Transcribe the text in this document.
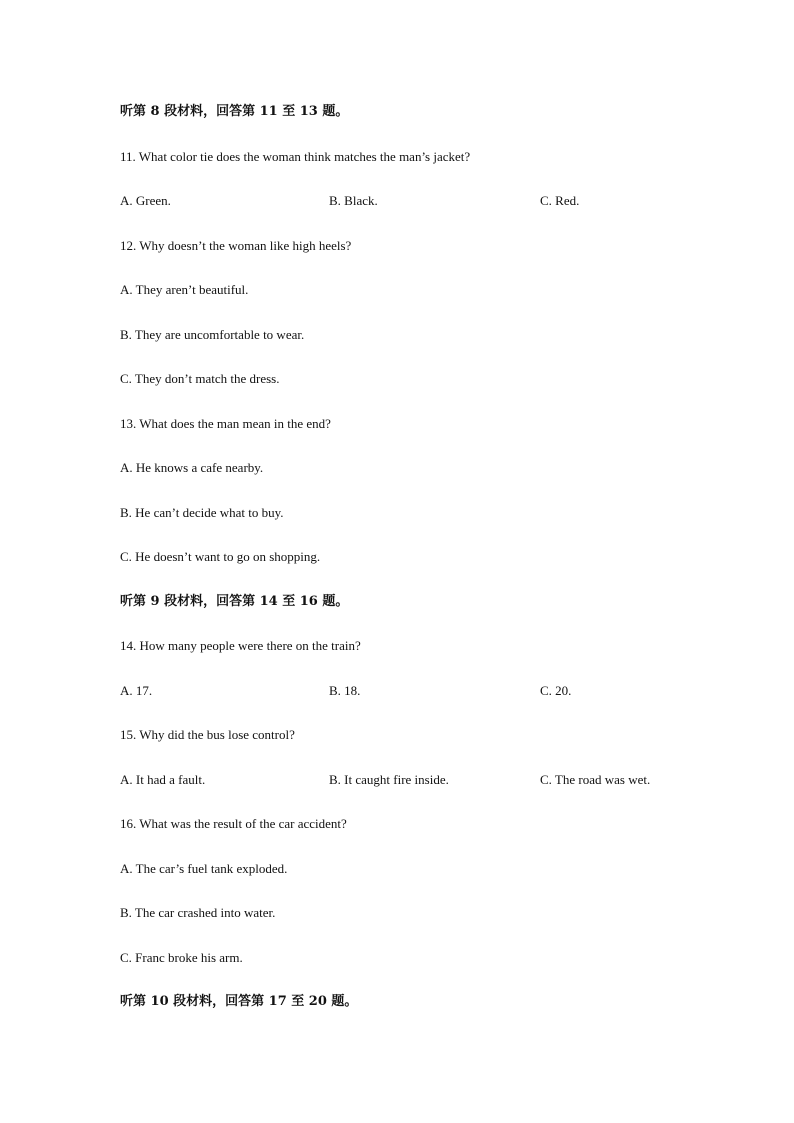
听第 8 段材料，回答第 11 至 13 题。
11. What color tie does the woman think matches the man’s jacket?
A. Green.	B. Black.	C. Red.
12. Why doesn’t the woman like high heels?
A. They aren’t beautiful.
B. They are uncomfortable to wear.
C. They don’t match the dress.
13. What does the man mean in the end?
A. He knows a cafe nearby.
B. He can’t decide what to buy.
C. He doesn’t want to go on shopping.
听第 9 段材料，回答第 14 至 16 题。
14. How many people were there on the train?
A. 17.	B. 18.	C. 20.
15. Why did the bus lose control?
A. It had a fault.	B. It caught fire inside.	C. The road was wet.
16. What was the result of the car accident?
A. The car’s fuel tank exploded.
B. The car crashed into water.
C. Franc broke his arm.
听第 10 段材料，回答第 17 至 20 题。
